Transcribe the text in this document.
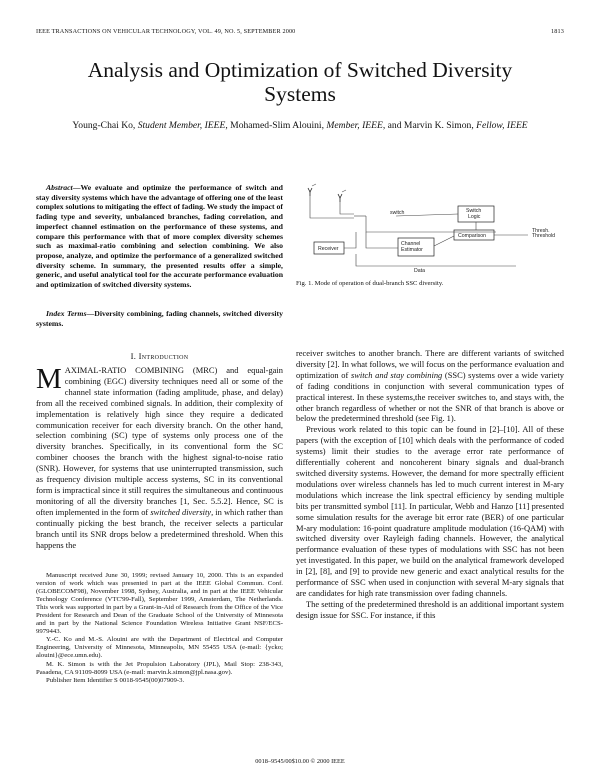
IEEE TRANSACTIONS ON VEHICULAR TECHNOLOGY, VOL. 49, NO. 5, SEPTEMBER 2000	1813
Analysis and Optimization of Switched Diversity Systems
Young-Chai Ko, Student Member, IEEE, Mohamed-Slim Alouini, Member, IEEE, and Marvin K. Simon, Fellow, IEEE

Abstract—We evaluate and optimize the performance of switch and stay diversity systems which have the advantage of offering one of the least complex solutions to mitigating the effect of fading. We study the impact of fading type and severity, unbalanced branches, fading correlation, and imperfect channel estimation on the performance of these systems, and compare this performance with that of more complex diversity schemes such as maximal-ratio combining and selection combining. We also propose, analyze, and optimize the performance of a generalized switched diversity scheme. In summary, the presented results offer a simple, generic, and useful analytical tool for the accurate performance evaluation and optimization of switched diversity systems.

Index Terms—Diversity combining, fading channels, switched diversity systems.

I. Introduction

MAXIMAL-RATIO COMBINING (MRC) and equal-gain combining (EGC) diversity techniques need all or some of the channel state information (fading amplitude, phase, and delay) from all the received combined signals. In addition, their complexity of implementation is relatively high since they require a dedicated communication receiver for each diversity branch. On the other hand, selection combining (SC) type of systems only process one of the diversity branches. Specifically, in its conventional form the SC combiner chooses the branch with the highest signal-to-noise ratio (SNR). However, for systems that use uninterrupted transmission, such as frequency division multiple access systems, SC in its conventional form is impractical since it still requires the simultaneous and continuous monitoring of all the diversity branches [1, Sec. 5.5.2]. Hence, SC is often implemented in the form of switched diversity, in which rather than continually picking the best branch, the receiver selects a particular branch until its SNR drops below a predetermined threshold. When this happens the

Manuscript received June 30, 1999; revised January 10, 2000. This is an expanded version of work which was presented in part at the IEEE Global Commun. Conf. (GLOBECOM'98), November 1998, Sydney, Australia, and in part at the IEEE Vehicular Technology Conference (VTC'99-Fall), September 1999, Amsterdam, The Netherlands. This work was supported in part by a Grant-in-Aid of Research from the Office of the Vice President for Research and Dean of the Graduate School of the University of Minnesota and in part by the National Science Foundation Wireless Initiative Grant NSF/ECS-9979443.

Y.-C. Ko and M.-S. Alouini are with the Department of Electrical and Computer Engineering, University of Minnesota, Minneapolis, MN 55455 USA (e-mail: {ycko; alouini}@ece.umn.edu).

M. K. Simon is with the Jet Propulsion Laboratory (JPL), Mail Stop: 238-343, Pasadena, CA 91109-8099 USA (e-mail: marvin.k.simon@jpl.nasa.gov).

Publisher Item Identifier S 0018-9545(00)07909-3.

switch	Switch Logic
Comparison
Channel Estimator
Receiver
Thresh. Threshold
Data
Fig. 1. Mode of operation of dual-branch SSC diversity.

receiver switches to another branch. There are different variants of switched diversity [2]. In what follows, we will focus on the performance evaluation and optimization of switch and stay combining (SSC) systems over a wide variety of fading conditions in conjunction with several communication types of practical interest. In these systems,the receiver switches to, and stays with, the other branch regardless of whether or not the SNR of that branch is above or below the predetermined threshold (see Fig. 1).

Previous work related to this topic can be found in [2]–[10]. All of these papers (with the exception of [10] which deals with the performance of coded systems) limit their studies to the average error rate performance of differentially coherent and noncoherent binary signals and dual-branch switched diversity systems. However, the demand for more spectrally efficient modulations over wireless channels has led to much current interest in M-ary modulations which increase the link spectral efficiency by sending multiple bits per transmitted symbol [11]. In particular, Webb and Hanzo [11] presented some simulation results for the average bit error rate (BER) of one particular M-ary modulation: 16-point quadrature amplitude modulation (16-QAM) with switched diversity over Rayleigh fading channels. However, the analytical performance evaluation of these types of modulations with SSC has not been yet investigated. In this paper, we build on the analytical framework developed in [2], [8], and [9] to provide new generic and exact analytical results for the performance of SSC when used in conjunction with several M-ary signals that are candidates for high rate transmission over fading channels.

The setting of the predetermined threshold is an additional important system design issue for SSC. For instance, if this

0018–9545/00$10.00 © 2000 IEEE
